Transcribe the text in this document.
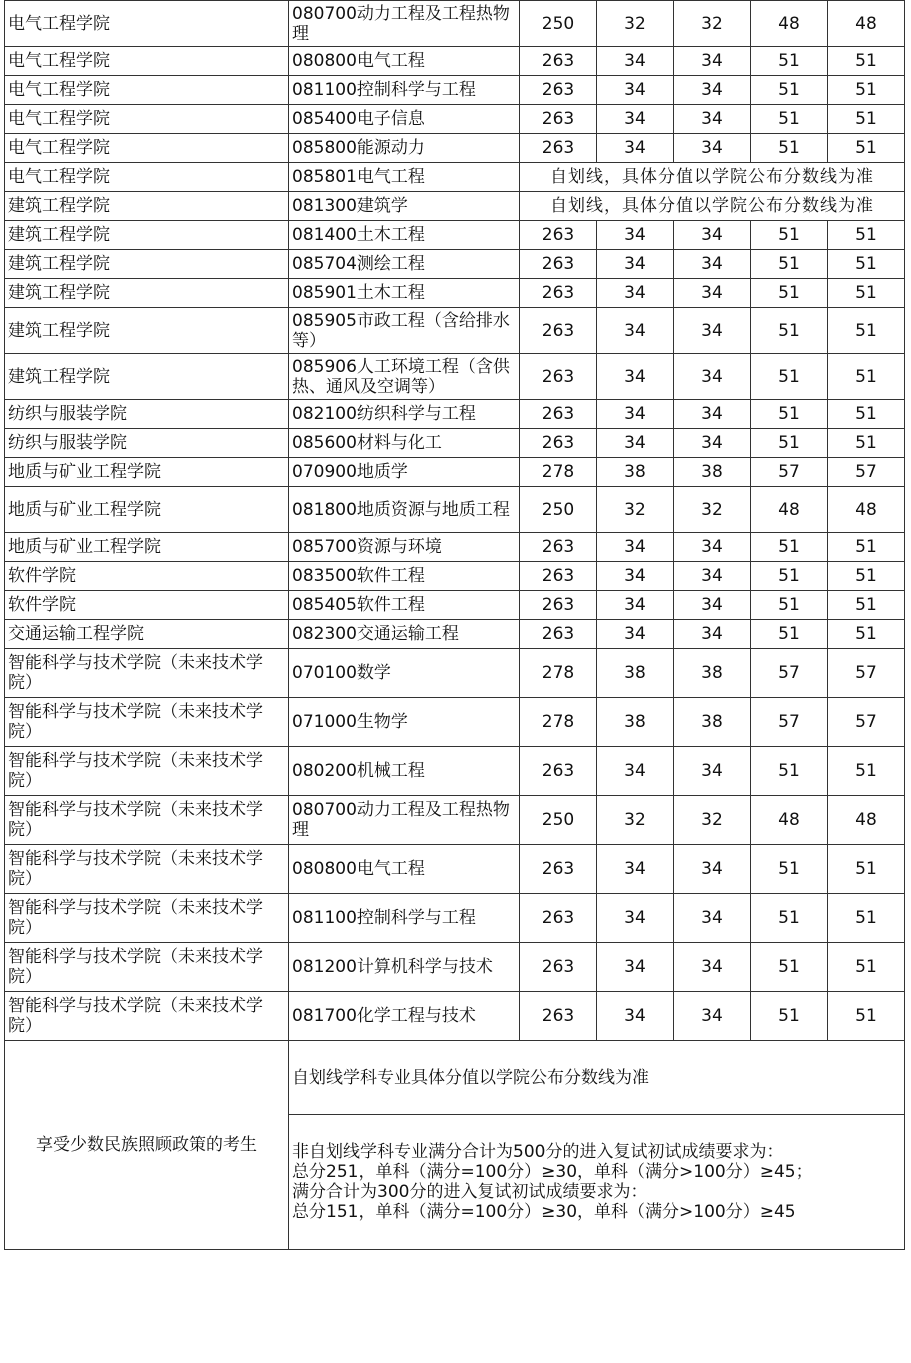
电气工程学院	080700动力工程及工程热物理	250	32	32	48	48
电气工程学院	080800电气工程	263	34	34	51	51
电气工程学院	081100控制科学与工程	263	34	34	51	51
电气工程学院	085400电子信息	263	34	34	51	51
电气工程学院	085800能源动力	263	34	34	51	51
电气工程学院	085801电气工程	自划线，具体分值以学院公布分数线为准				
建筑工程学院	081300建筑学	自划线，具体分值以学院公布分数线为准				
建筑工程学院	081400土木工程	263	34	34	51	51
建筑工程学院	085704测绘工程	263	34	34	51	51
建筑工程学院	085901土木工程	263	34	34	51	51
建筑工程学院	085905市政工程（含给排水等）	263	34	34	51	51
建筑工程学院	085906人工环境工程（含供热、通风及空调等）	263	34	34	51	51
纺织与服装学院	082100纺织科学与工程	263	34	34	51	51
纺织与服装学院	085600材料与化工	263	34	34	51	51
地质与矿业工程学院	070900地质学	278	38	38	57	57
地质与矿业工程学院	081800地质资源与地质工程	250	32	32	48	48
地质与矿业工程学院	085700资源与环境	263	34	34	51	51
软件学院	083500软件工程	263	34	34	51	51
软件学院	085405软件工程	263	34	34	51	51
交通运输工程学院	082300交通运输工程	263	34	34	51	51
智能科学与技术学院（未来技术学院）	070100数学	278	38	38	57	57
智能科学与技术学院（未来技术学院）	071000生物学	278	38	38	57	57
智能科学与技术学院（未来技术学院）	080200机械工程	263	34	34	51	51
智能科学与技术学院（未来技术学院）	080700动力工程及工程热物理	250	32	32	48	48
智能科学与技术学院（未来技术学院）	080800电气工程	263	34	34	51	51
智能科学与技术学院（未来技术学院）	081100控制科学与工程	263	34	34	51	51
智能科学与技术学院（未来技术学院）	081200计算机科学与技术	263	34	34	51	51
智能科学与技术学院（未来技术学院）	081700化学工程与技术	263	34	34	51	51
享受少数民族照顾政策的考生	自划线学科专业具体分值以学院公布分数线为准					

	非自划线学科专业满分合计为500分的进入复试初试成绩要求为：
总分251，单科（满分=100分）≥30，单科（满分>100分）≥45；
满分合计为300分的进入复试初试成绩要求为：
总分151，单科（满分=100分）≥30，单科（满分>100分）≥45					
